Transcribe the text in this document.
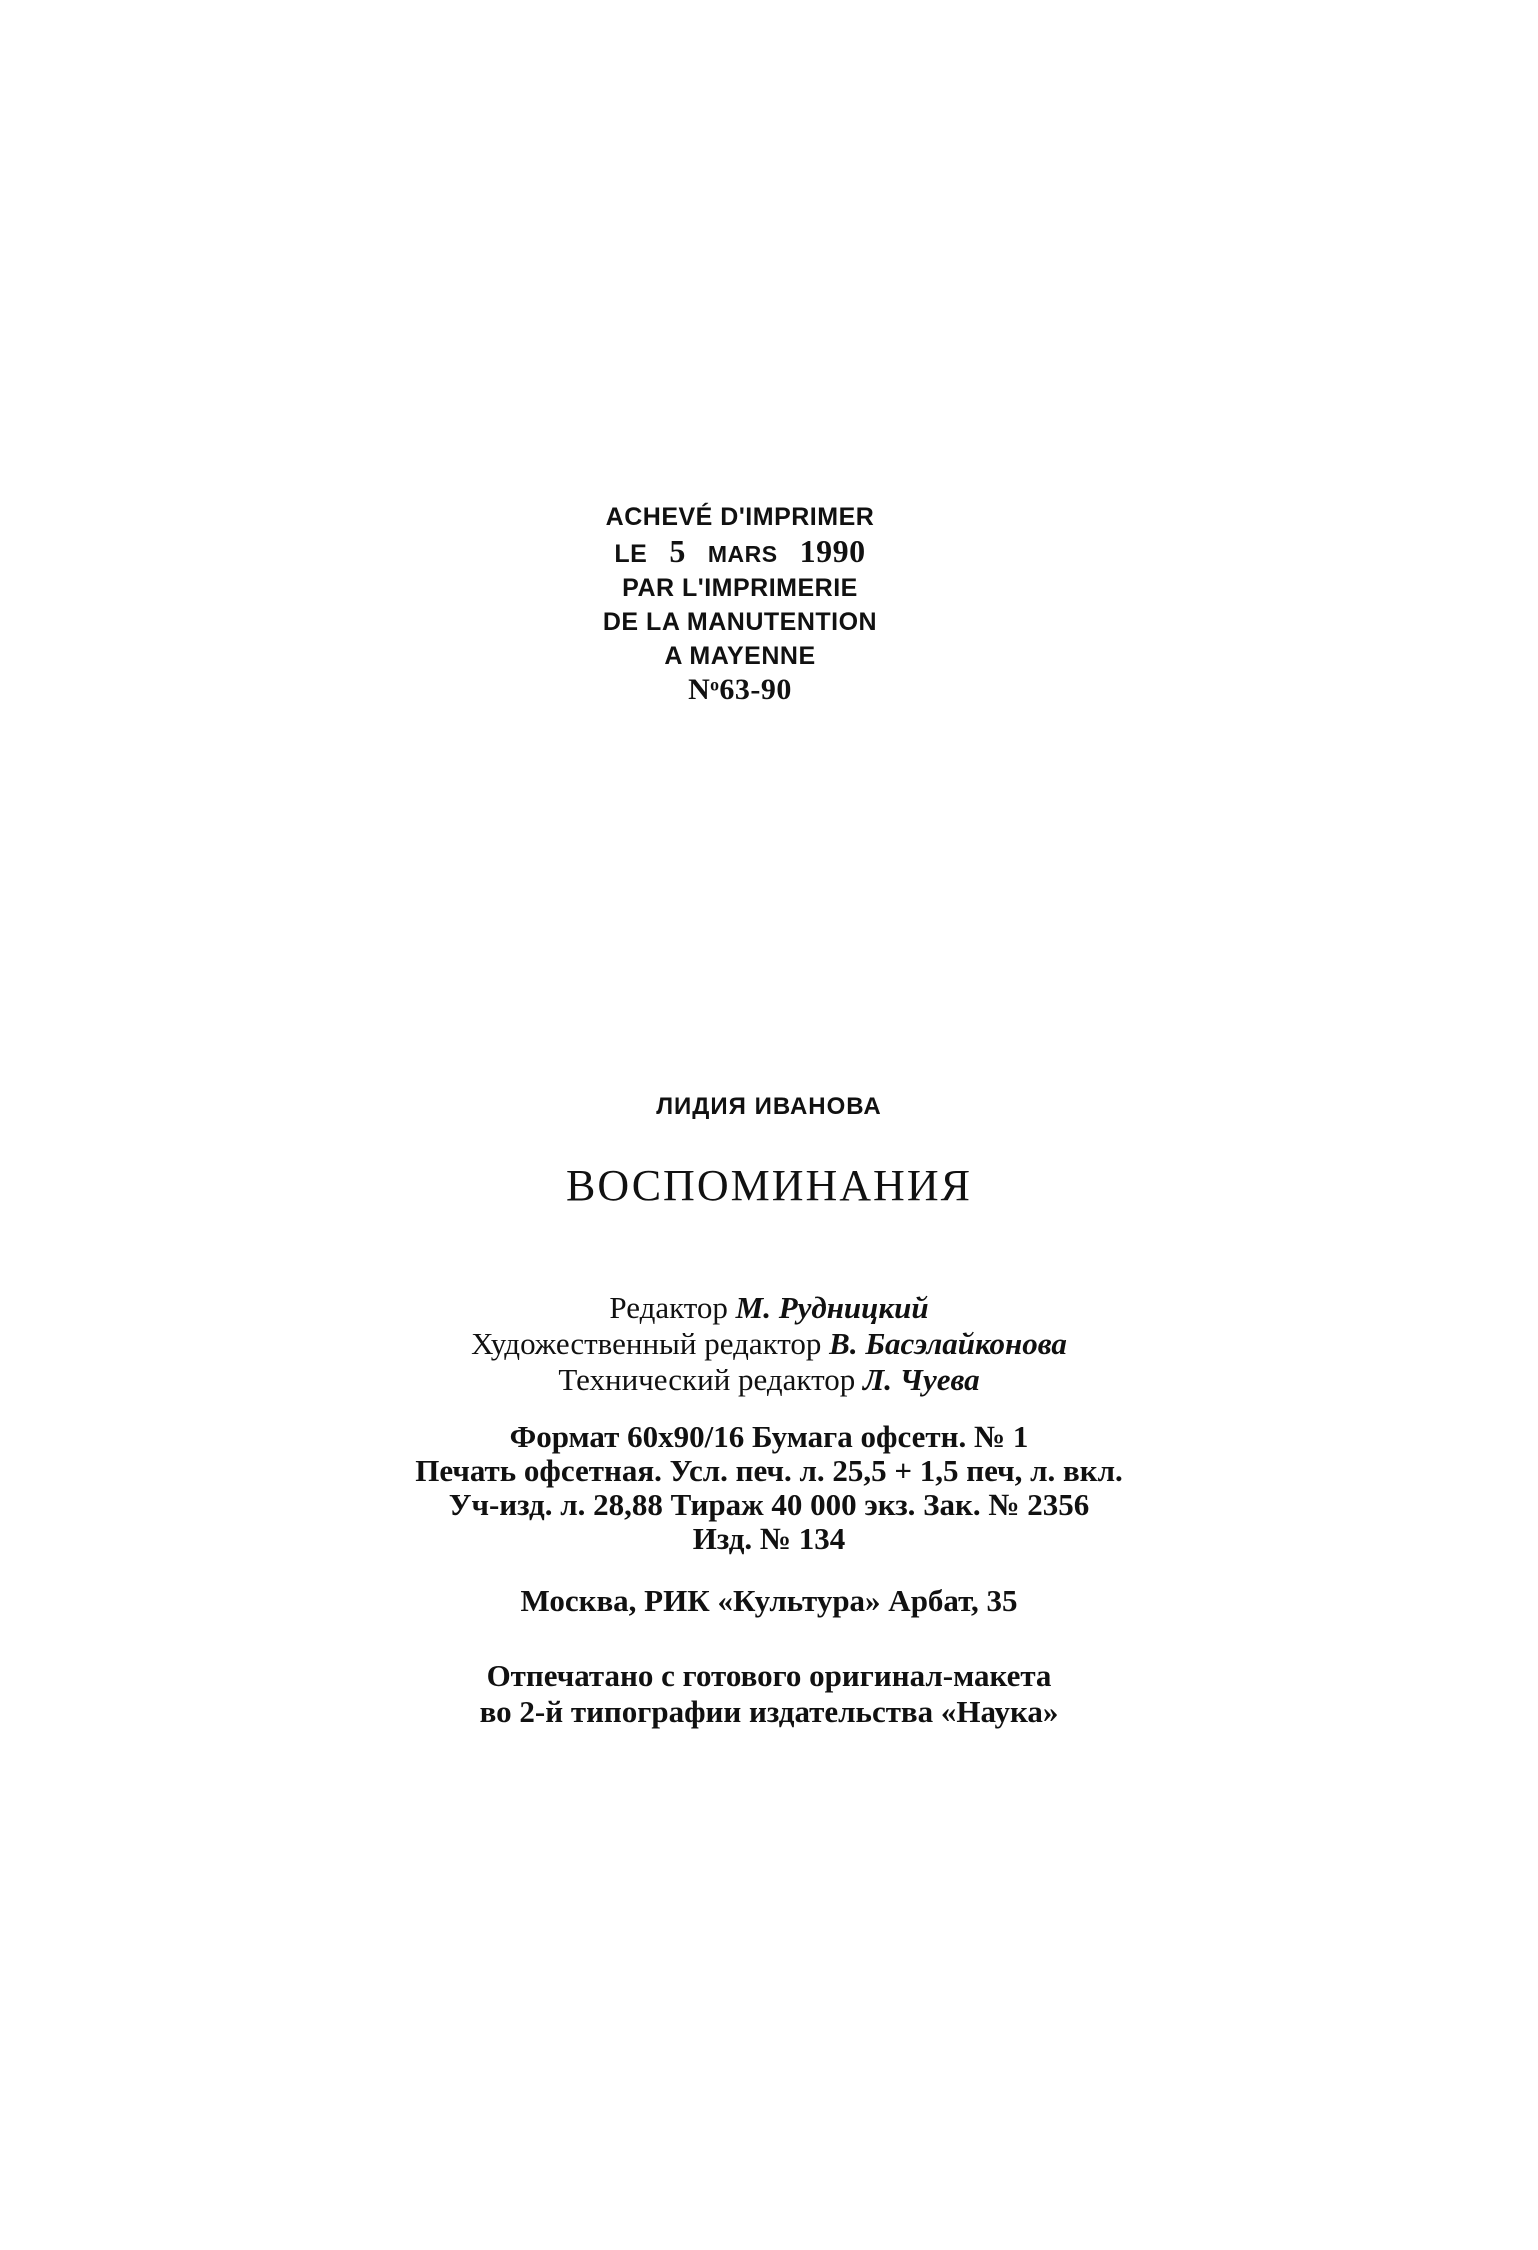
ACHEVÉ D'IMPRIMER
LE 5 MARS 1990
PAR L'IMPRIMERIE
DE LA MANUTENTION
A MAYENNE
Nᵒ63-90
ЛИДИЯ ИВАНОВА
ВОСПОМИНАНИЯ
Редактор М. Рудницкий
Художественный редактор В. Басэлайконова
Технический редактор Л. Чуева
Формат 60х90/16 Бумага офсетн. № 1
Печать офсетная. Усл. печ. л. 25,5 + 1,5 печ, л. вкл.
Уч-изд. л. 28,88 Тираж 40 000 экз. Зак. № 2356
Изд. № 134
Москва, РИК «Культура» Арбат, 35
Отпечатано с готового оригинал-макета
во 2-й типографии издательства «Наука»
